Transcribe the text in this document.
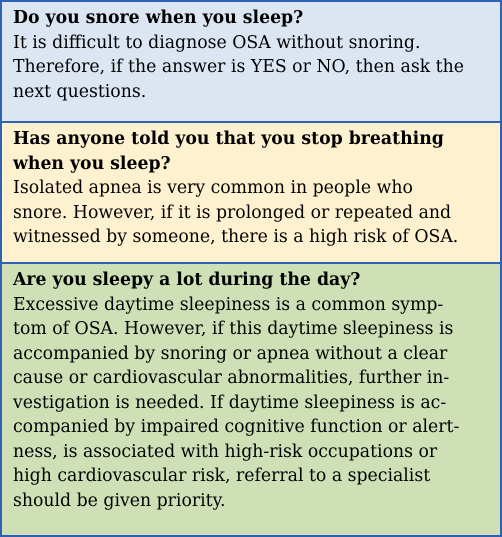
Do you snore when you sleep?
It is difficult to diagnose OSA without snoring.
Therefore, if the answer is YES or NO, then ask the
next questions.
Has anyone told you that you stop breathing
when you sleep?
Isolated apnea is very common in people who
snore. However, if it is prolonged or repeated and
witnessed by someone, there is a high risk of OSA.
Are you sleepy a lot during the day?
Excessive daytime sleepiness is a common symp-
tom of OSA. However, if this daytime sleepiness is
accompanied by snoring or apnea without a clear
cause or cardiovascular abnormalities, further in-
vestigation is needed. If daytime sleepiness is ac-
companied by impaired cognitive function or alert-
ness, is associated with high-risk occupations or
high cardiovascular risk, referral to a specialist
should be given priority.
